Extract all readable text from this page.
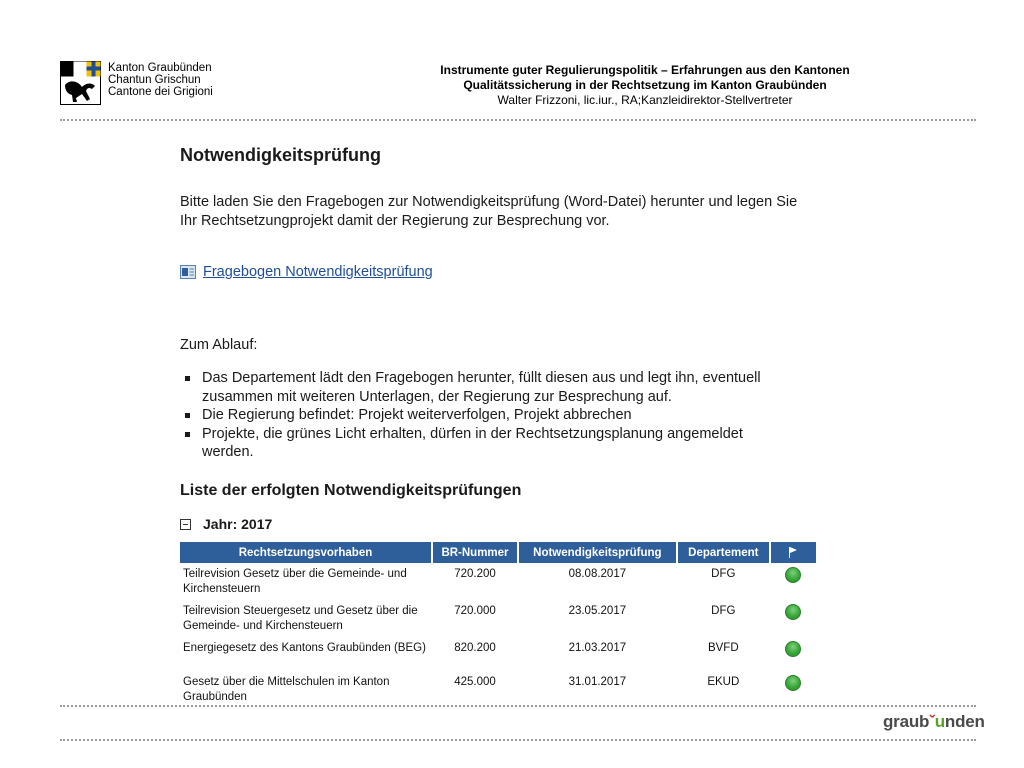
Kanton Graubünden
Chantun Grischun
Cantone dei Grigioni
Instrumente guter Regulierungspolitik – Erfahrungen aus den Kantonen
Qualitätssicherung in der Rechtsetzung im Kanton Graubünden
Walter Frizzoni, lic.iur., RA;Kanzleidirektor-Stellvertreter
Notwendigkeitsprüfung
Bitte laden Sie den Fragebogen zur Notwendigkeitsprüfung (Word-Datei) herunter und legen Sie Ihr Rechtsetzungprojekt damit der Regierung zur Besprechung vor.
Fragebogen Notwendigkeitsprüfung
Zum Ablauf:
Das Departement lädt den Fragebogen herunter, füllt diesen aus und legt ihn, eventuell zusammen mit weiteren Unterlagen, der Regierung zur Besprechung auf.
Die Regierung befindet: Projekt weiterverfolgen, Projekt abbrechen
Projekte, die grünes Licht erhalten, dürfen in der Rechtsetzungsplanung angemeldet werden.
Liste der erfolgten Notwendigkeitsprüfungen
Jahr: 2017
Rechtsetzungsvorhaben	BR-Nummer	Notwendigkeitsprüfung	Departement	
Teilrevision Gesetz über die Gemeinde- und Kirchensteuern	720.200	08.08.2017	DFG	
Teilrevision Steuergesetz und Gesetz über die Gemeinde- und Kirchensteuern	720.000	23.05.2017	DFG	
Energiegesetz des Kantons Graubünden (BEG)	820.200	21.03.2017	BVFD	
Gesetz über die Mittelschulen im Kanton Graubünden	425.000	31.01.2017	EKUD	
graubˇunden
